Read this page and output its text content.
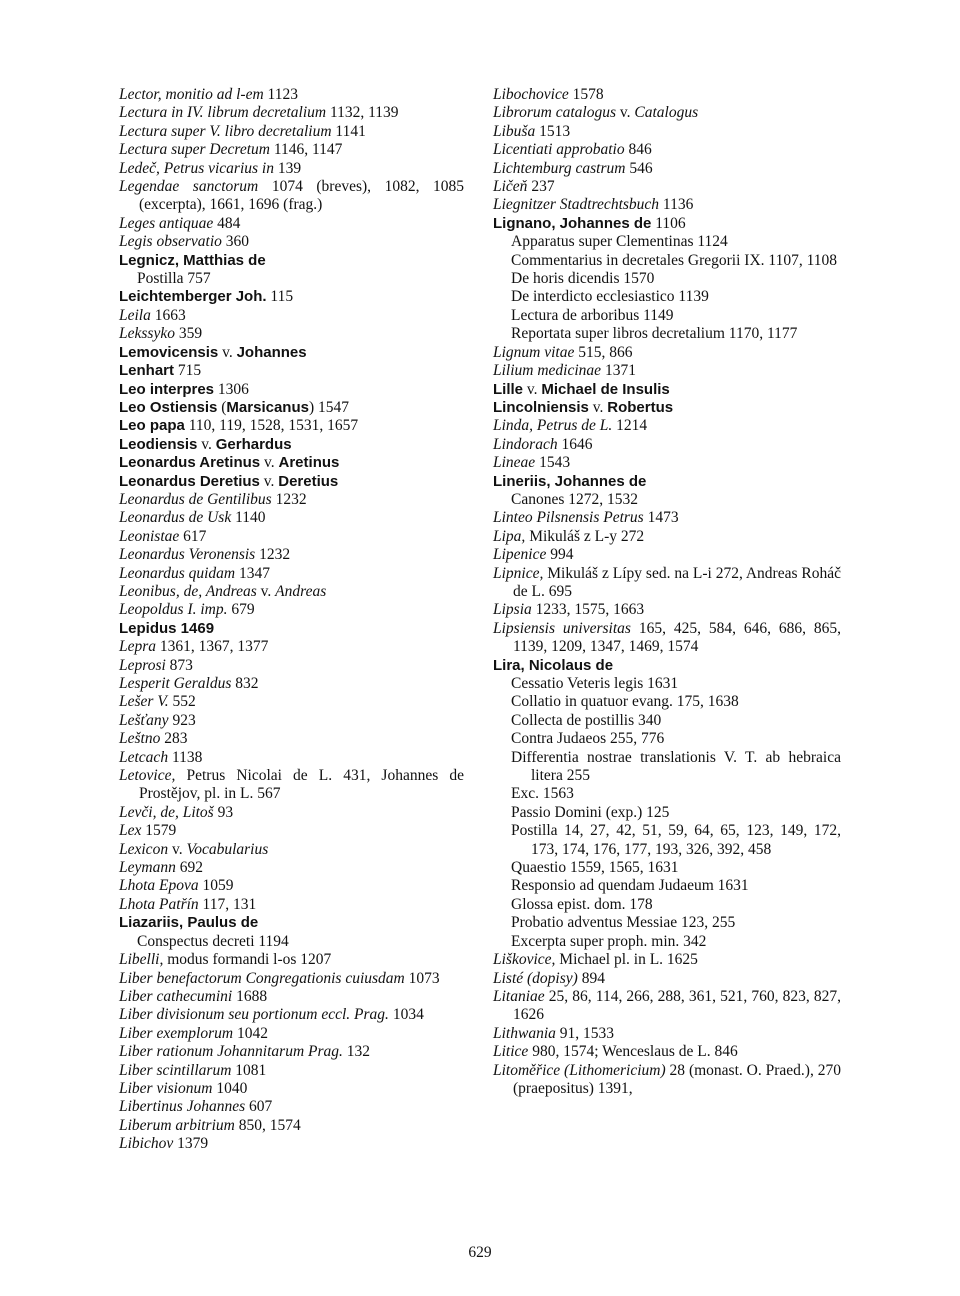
Lector, monitio ad l-em 1123
Lectura in IV. librum decretalium 1132, 1139
Lectura super V. libro decretalium 1141
Lectura super Decretum 1146, 1147
Ledeč, Petrus vicarius in 139
Legendae sanctorum 1074 (breves), 1082, 1085 (excerpta), 1661, 1696 (frag.)
Leges antiquae 484
Legis observatio 360
Legnicz, Matthias de
Postilla 757
Leichtemberger Joh. 115
Leila 1663
Lekssyko 359
Lemovicensis v. Johannes
Lenhart 715
Leo interpres 1306
Leo Ostiensis (Marsicanus) 1547
Leo papa 110, 119, 1528, 1531, 1657
Leodiensis v. Gerhardus
Leonardus Aretinus v. Aretinus
Leonardus Deretius v. Deretius
Leonardus de Gentilibus 1232
Leonardus de Usk 1140
Leonistae 617
Leonardus Veronensis 1232
Leonardus quidam 1347
Leonibus, de, Andreas v. Andreas
Leopoldus I. imp. 679
Lepidus 1469
Lepra 1361, 1367, 1377
Leprosi 873
Lesperit Geraldus 832
Lešer V. 552
Lešťany 923
Leštno 283
Letcach 1138
Letovice, Petrus Nicolai de L. 431, Johannes de Prostějov, pl. in L. 567
Levči, de, Litoš 93
Lex 1579
Lexicon v. Vocabularius
Leymann 692
Lhota Epova 1059
Lhota Patřín 117, 131
Liazariis, Paulus de
Conspectus decreti 1194
Libelli, modus formandi l-os 1207
Liber benefactorum Congregationis cuiusdam 1073
Liber cathecumini 1688
Liber divisionum seu portionum eccl. Prag. 1034
Liber exemplorum 1042
Liber rationum Johannitarum Prag. 132
Liber scintillarum 1081
Liber visionum 1040
Libertinus Johannes 607
Liberum arbitrium 850, 1574
Libichov 1379
Libochovice 1578
Librorum catalogus v. Catalogus
Libuša 1513
Licentiati approbatio 846
Lichtemburg castrum 546
Ličeň 237
Liegnitzer Stadtrechtsbuch 1136
Lignano, Johannes de 1106
Apparatus super Clementinas 1124
Commentarius in decretales Gregorii IX. 1107, 1108
De horis dicendis 1570
De interdicto ecclesiastico 1139
Lectura de arboribus 1149
Reportata super libros decretalium 1170, 1177
Lignum vitae 515, 866
Lilium medicinae 1371
Lille v. Michael de Insulis
Lincolniensis v. Robertus
Linda, Petrus de L. 1214
Lindorach 1646
Lineae 1543
Lineriis, Johannes de
Canones 1272, 1532
Linteo Pilsnensis Petrus 1473
Lipa, Mikuláš z L-y 272
Lipenice 994
Lipnice, Mikuláš z Lípy sed. na L-i 272, Andreas Roháč de L. 695
Lipsia 1233, 1575, 1663
Lipsiensis universitas 165, 425, 584, 646, 686, 865, 1139, 1209, 1347, 1469, 1574
Lira, Nicolaus de
Cessatio Veteris legis 1631
Collatio in quatuor evang. 175, 1638
Collecta de postillis 340
Contra Judaeos 255, 776
Differentia nostrae translationis V. T. ab hebraica litera 255
Exc. 1563
Passio Domini (exp.) 125
Postilla 14, 27, 42, 51, 59, 64, 65, 123, 149, 172, 173, 174, 176, 177, 193, 326, 392, 458
Quaestio 1559, 1565, 1631
Responsio ad quendam Judaeum 1631
Glossa epist. dom. 178
Probatio adventus Messiae 123, 255
Excerpta super proph. min. 342
Liškovice, Michael pl. in L. 1625
Listé (dopisy) 894
Litaniae 25, 86, 114, 266, 288, 361, 521, 760, 823, 827, 1626
Lithwania 91, 1533
Litice 980, 1574; Wenceslaus de L. 846
Litoměřice (Lithomericium) 28 (monast. O. Praed.), 270 (praepositus) 1391,
629
